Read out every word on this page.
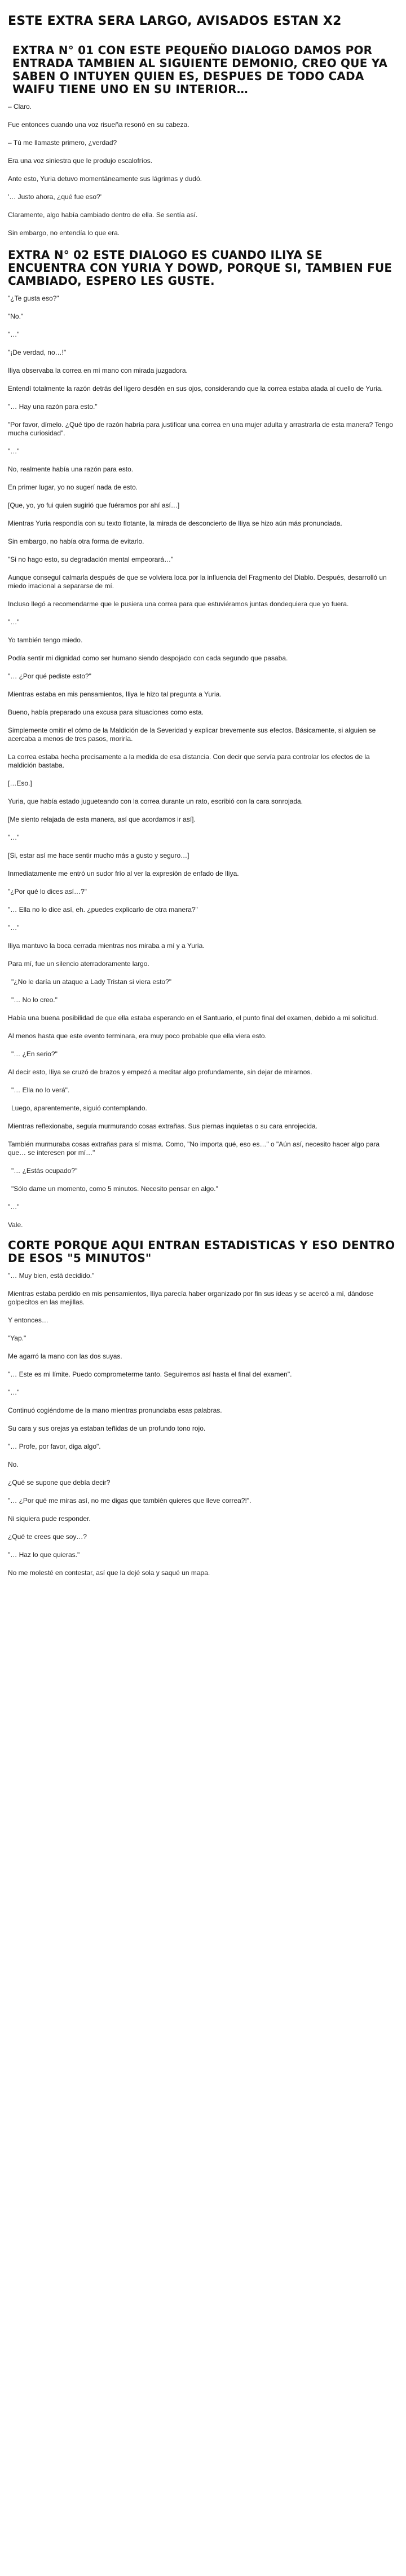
ESTE EXTRA SERA LARGO, AVISADOS ESTAN X2
EXTRA N° 01 CON ESTE PEQUEÑO DIALOGO DAMOS POR ENTRADA TAMBIEN AL SIGUIENTE DEMONIO, CREO QUE YA SABEN O INTUYEN QUIEN ES, DESPUES DE TODO CADA WAIFU TIENE UNO EN SU INTERIOR…

– Claro.

Fue entonces cuando una voz risueña resonó en su cabeza.

– Tú me llamaste primero, ¿verdad?

Era una voz siniestra que le produjo escalofríos.

Ante esto, Yuria detuvo momentáneamente sus lágrimas y dudó.

'… Justo ahora, ¿qué fue eso?'

Claramente, algo había cambiado dentro de ella. Se sentía así.

Sin embargo, no entendía lo que era.

EXTRA N° 02 ESTE DIALOGO ES CUANDO ILIYA SE ENCUENTRA CON YURIA Y DOWD, PORQUE SI, TAMBIEN FUE CAMBIADO, ESPERO LES GUSTE.

"¿Te gusta eso?"

"No."

"…"

"¡De verdad, no…!"

Iliya observaba la correa en mi mano con mirada juzgadora.

Entendí totalmente la razón detrás del ligero desdén en sus ojos, considerando que la correa estaba atada al cuello de Yuria.

"… Hay una razón para esto."

"Por favor, dímelo. ¿Qué tipo de razón habría para justificar una correa en una mujer adulta y arrastrarla de esta manera? Tengo mucha curiosidad".

"…"

No, realmente había una razón para esto.

En primer lugar, yo no sugerí nada de esto.

[Que, yo, yo fui quien sugirió que fuéramos por ahí así…]

Mientras Yuria respondía con su texto flotante, la mirada de desconcierto de Iliya se hizo aún más pronunciada.

Sin embargo, no había otra forma de evitarlo.

"Si no hago esto, su degradación mental empeorará…"

Aunque conseguí calmarla después de que se volviera loca por la influencia del Fragmento del Diablo. Después, desarrolló un miedo irracional a separarse de mí.

Incluso llegó a recomendarme que le pusiera una correa para que estuviéramos juntas dondequiera que yo fuera.

"…"

Yo también tengo miedo.

Podía sentir mi dignidad como ser humano siendo despojado con cada segundo que pasaba.

"… ¿Por qué pediste esto?"

Mientras estaba en mis pensamientos, Iliya le hizo tal pregunta a Yuria.

Bueno, había preparado una excusa para situaciones como esta.

Simplemente omitir el cómo de la Maldición de la Severidad y explicar brevemente sus efectos. Básicamente, si alguien se acercaba a menos de tres pasos, moriría.

La correa estaba hecha precisamente a la medida de esa distancia. Con decir que servía para controlar los efectos de la maldición bastaba.

[…Eso.]

Yuria, que había estado jugueteando con la correa durante un rato, escribió con la cara sonrojada.

[Me siento relajada de esta manera, así que acordamos ir así].

"…"

[Si, estar así me hace sentir mucho más a gusto y seguro…]

Inmediatamente me entró un sudor frío al ver la expresión de enfado de Iliya.

"¿Por qué lo dices así…?"

"… Ella no lo dice así, eh. ¿puedes explicarlo de otra manera?"

"…"

Iliya mantuvo la boca cerrada mientras nos miraba a mí y a Yuria.

Para mí, fue un silencio aterradoramente largo.

"¿No le daría un ataque a Lady Tristan si viera esto?"

"… No lo creo."

Había una buena posibilidad de que ella estaba esperando en el Santuario, el punto final del examen, debido a mi solicitud.

Al menos hasta que este evento terminara, era muy poco probable que ella viera esto.

"… ¿En serio?"

Al decir esto, Iliya se cruzó de brazos y empezó a meditar algo profundamente, sin dejar de mirarnos.

"… Ella no lo verá".

Luego, aparentemente, siguió contemplando.

Mientras reflexionaba, seguía murmurando cosas extrañas. Sus piernas inquietas o su cara enrojecida.

También murmuraba cosas extrañas para sí misma. Como, "No importa qué, eso es…" o "Aún así, necesito hacer algo para que… se interesen por mí…"

"… ¿Estás ocupado?"

"Sólo dame un momento, como 5 minutos. Necesito pensar en algo."

"…"

Vale.

CORTE PORQUE AQUI ENTRAN ESTADISTICAS Y ESO DENTRO DE ESOS "5 MINUTOS"

"… Muy bien, está decidido."

Mientras estaba perdido en mis pensamientos, Iliya parecía haber organizado por fin sus ideas y se acercó a mí, dándose golpecitos en las mejillas.

Y entonces…

"Yap."

Me agarró la mano con las dos suyas.

"… Este es mi límite. Puedo comprometerme tanto. Seguiremos así hasta el final del examen".

"…"

Continuó cogiéndome de la mano mientras pronunciaba esas palabras.

Su cara y sus orejas ya estaban teñidas de un profundo tono rojo.

"… Profe, por favor, diga algo".

No.

¿Qué se supone que debía decir?

"… ¿Por qué me miras así, no me digas que también quieres que lleve correa?!".

Ni siquiera pude responder.

¿Qué te crees que soy…?

"… Haz lo que quieras."

No me molesté en contestar, así que la dejé sola y saqué un mapa.
